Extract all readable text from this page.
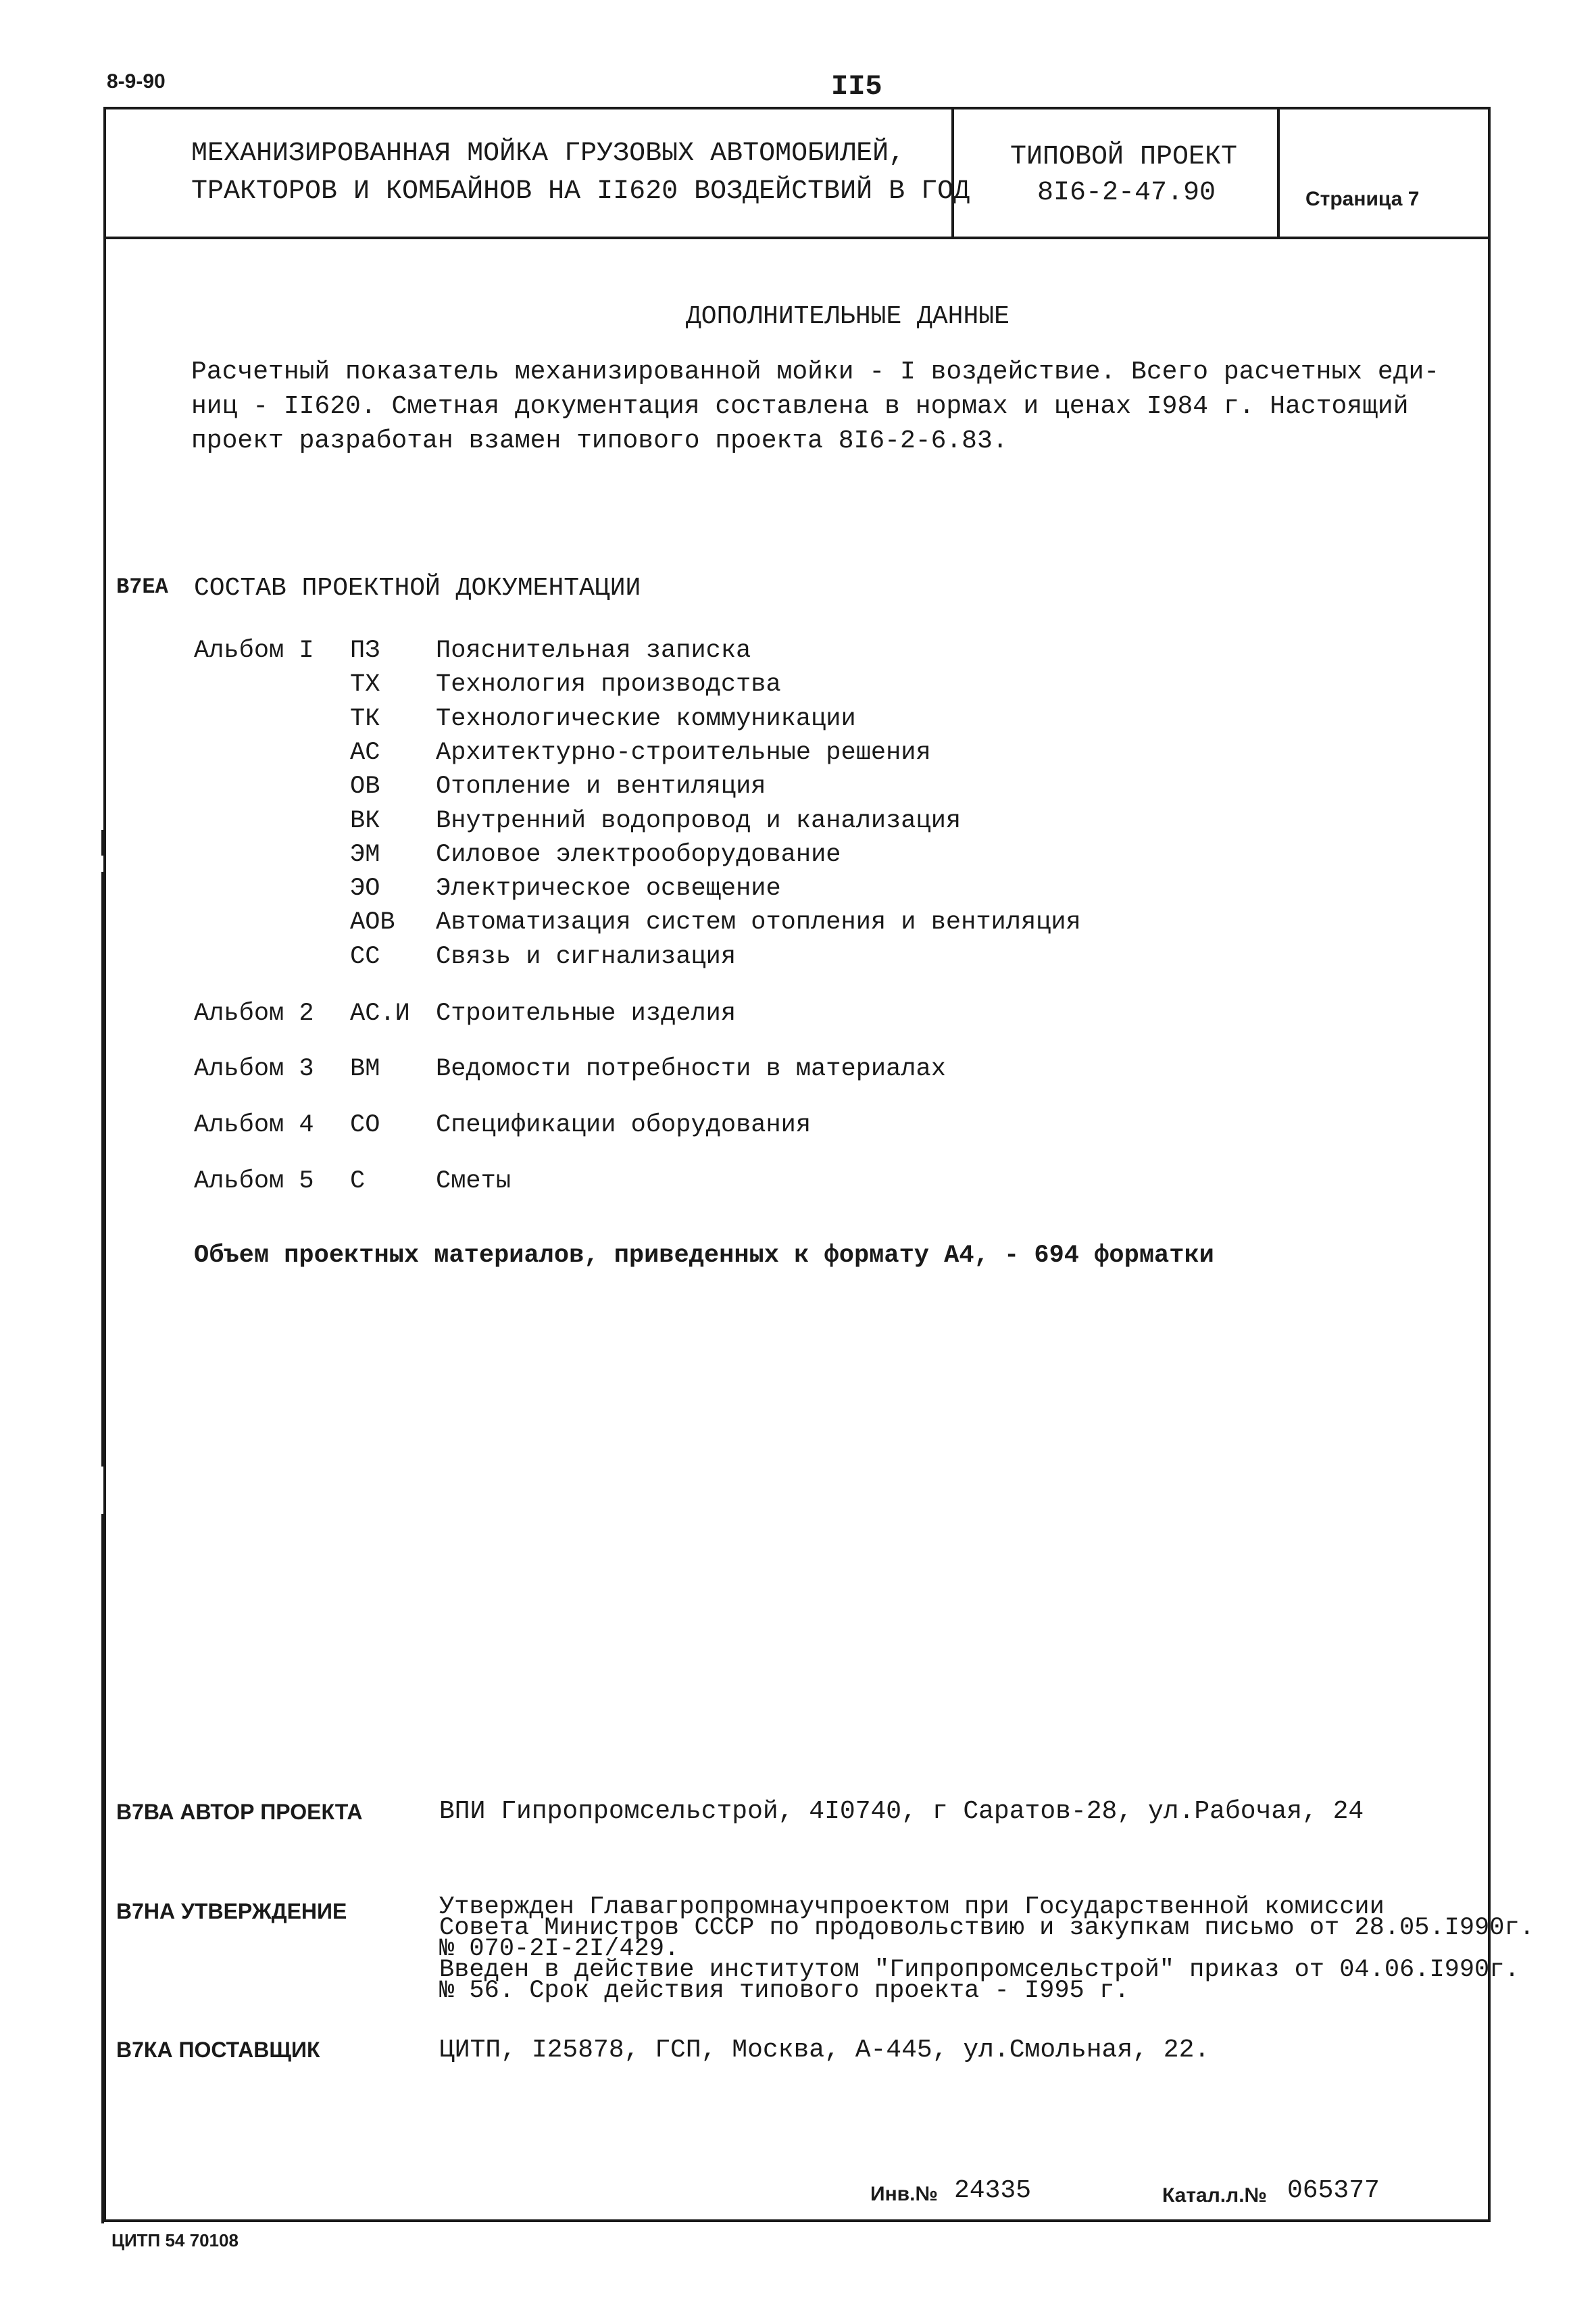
8-9-90	II5
МЕХАНИЗИРОВАННАЯ МОЙКА ГРУЗОВЫХ АВТОМОБИЛЕЙ,
ТРАКТОРОВ И КОМБАЙНОВ НА II620 ВОЗДЕЙСТВИЙ В ГОД
ТИПОВОЙ ПРОЕКТ
8I6-2-47.90	Страница 7
ДОПОЛНИТЕЛЬНЫЕ ДАННЫЕ
Расчетный показатель механизированной мойки - I воздействие. Всего расчетных еди-
ниц - II620. Сметная документация составлена в нормах и ценах I984 г. Настоящий
проект разработан взамен типового проекта 8I6-2-6.83.
В7ЕА СОСТАВ ПРОЕКТНОЙ ДОКУМЕНТАЦИИ
Альбом I ПЗ Пояснительная записка
ТХ Технология производства
ТК Технологические коммуникации
АС Архитектурно-строительные решения
ОВ Отопление и вентиляция
ВК Внутренний водопровод и канализация
ЭМ Силовое электрооборудование
ЭО Электрическое освещение
АОВ Автоматизация систем отопления и вентиляция
СС Связь и сигнализация
Альбом 2 АС.И Строительные изделия
Альбом 3 ВМ Ведомости потребности в материалах
Альбом 4 СО Спецификации оборудования
Альбом 5 С	Сметы
Объем проектных материалов, приведенных к формату А4, - 694 форматки
В7ВА АВТОР ПРОЕКТА	ВПИ Гипропромсельстрой, 4I0740, г Саратов-28, ул.Рабочая, 24
В7НА УТВЕРЖДЕНИЕ	Утвержден Главагропромнаучпроектом при Государственной комиссии
Совета Министров СССР по продовольствию и закупкам письмо от 28.05.I990г.
№ 070-2I-2I/429.
Введен в действие институтом "Гипропромсельстрой" приказ от 04.06.I990г.
№ 56. Срок действия типового проекта - I995 г.
В7КА ПОСТАВЩИК	ЦИТП, I25878, ГСП, Москва, А-445, ул.Смольная, 22.
Инв.№ 24335	Катал.л.№ 065377
ЦИТП 54 70108
